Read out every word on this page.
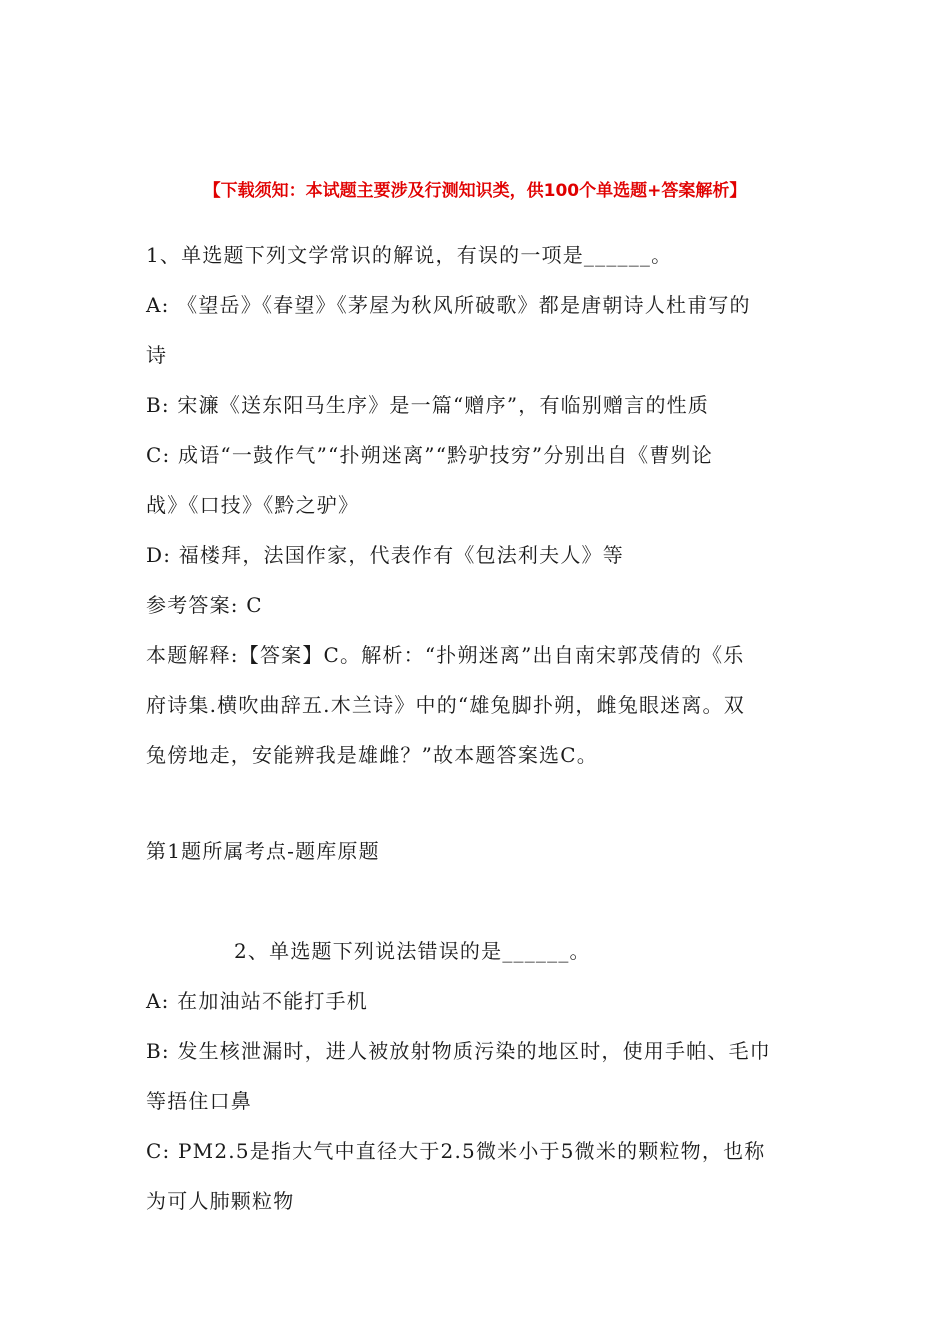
【下载须知：本试题主要涉及行测知识类，供100个单选题+答案解析】
1、单选题下列文学常识的解说，有误的一项是______。
A: 《望岳》《春望》《茅屋为秋风所破歌》都是唐朝诗人杜甫写的
诗
B: 宋濂《送东阳马生序》是一篇“赠序”，有临别赠言的性质
C: 成语“一鼓作气”“扑朔迷离”“黔驴技穷”分别出自《曹刿论
战》《口技》《黔之驴》
D: 福楼拜，法国作家，代表作有《包法利夫人》等
参考答案: C
本题解释:【答案】C。解析：“扑朔迷离”出自南宋郭茂倩的《乐
府诗集.横吹曲辞五.木兰诗》中的“雄兔脚扑朔，雌兔眼迷离。双
兔傍地走，安能辨我是雄雌？”故本题答案选C。
第1题所属考点-题库原题
2、单选题下列说法错误的是______。
A: 在加油站不能打手机
B: 发生核泄漏时，进人被放射物质污染的地区时，使用手帕、毛巾
等捂住口鼻
C: PM2.5是指大气中直径大于2.5微米小于5微米的颗粒物，也称
为可人肺颗粒物
